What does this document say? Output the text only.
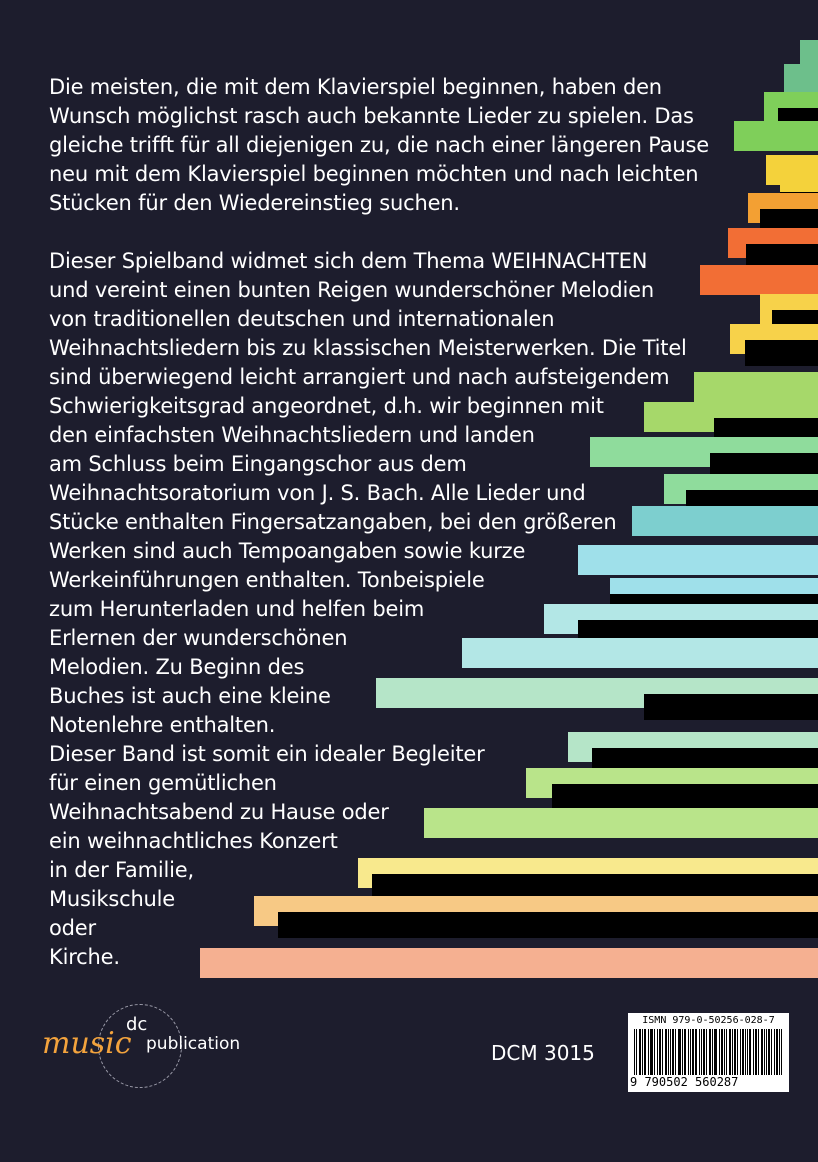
Die meisten, die mit dem Klavierspiel beginnen, haben den
Wunsch möglichst rasch auch bekannte Lieder zu spielen. Das
gleiche trifft für all diejenigen zu, die nach einer längeren Pause
neu mit dem Klavierspiel beginnen möchten und nach leichten
Stücken für den Wiedereinstieg suchen.
Dieser Spielband widmet sich dem Thema WEIHNACHTEN
und vereint einen bunten Reigen wunderschöner Melodien
von traditionellen deutschen und internationalen
Weihnachtsliedern bis zu klassischen Meisterwerken. Die Titel
sind überwiegend leicht arrangiert und nach aufsteigendem
Schwierigkeitsgrad angeordnet, d.h. wir beginnen mit
den einfachsten Weihnachtsliedern und landen
am Schluss beim Eingangschor aus dem
Weihnachtsoratorium von J. S. Bach. Alle Lieder und
Stücke enthalten Fingersatzangaben, bei den größeren
Werken sind auch Tempoangaben sowie kurze
Werkeinführungen enthalten. Tonbeispiele
zum Herunterladen und helfen beim
Erlernen der wunderschönen
Melodien. Zu Beginn des
Buches ist auch eine kleine
Notenlehre enthalten.
Dieser Band ist somit ein idealer Begleiter
für einen gemütlichen
Weihnachtsabend zu Hause oder
ein weihnachtliches Konzert
in der Familie,
Musikschule
oder
Kirche.
dc
music publication	DCM 3015
ISMN 979-0-50256-028-7
9 790502 560287
